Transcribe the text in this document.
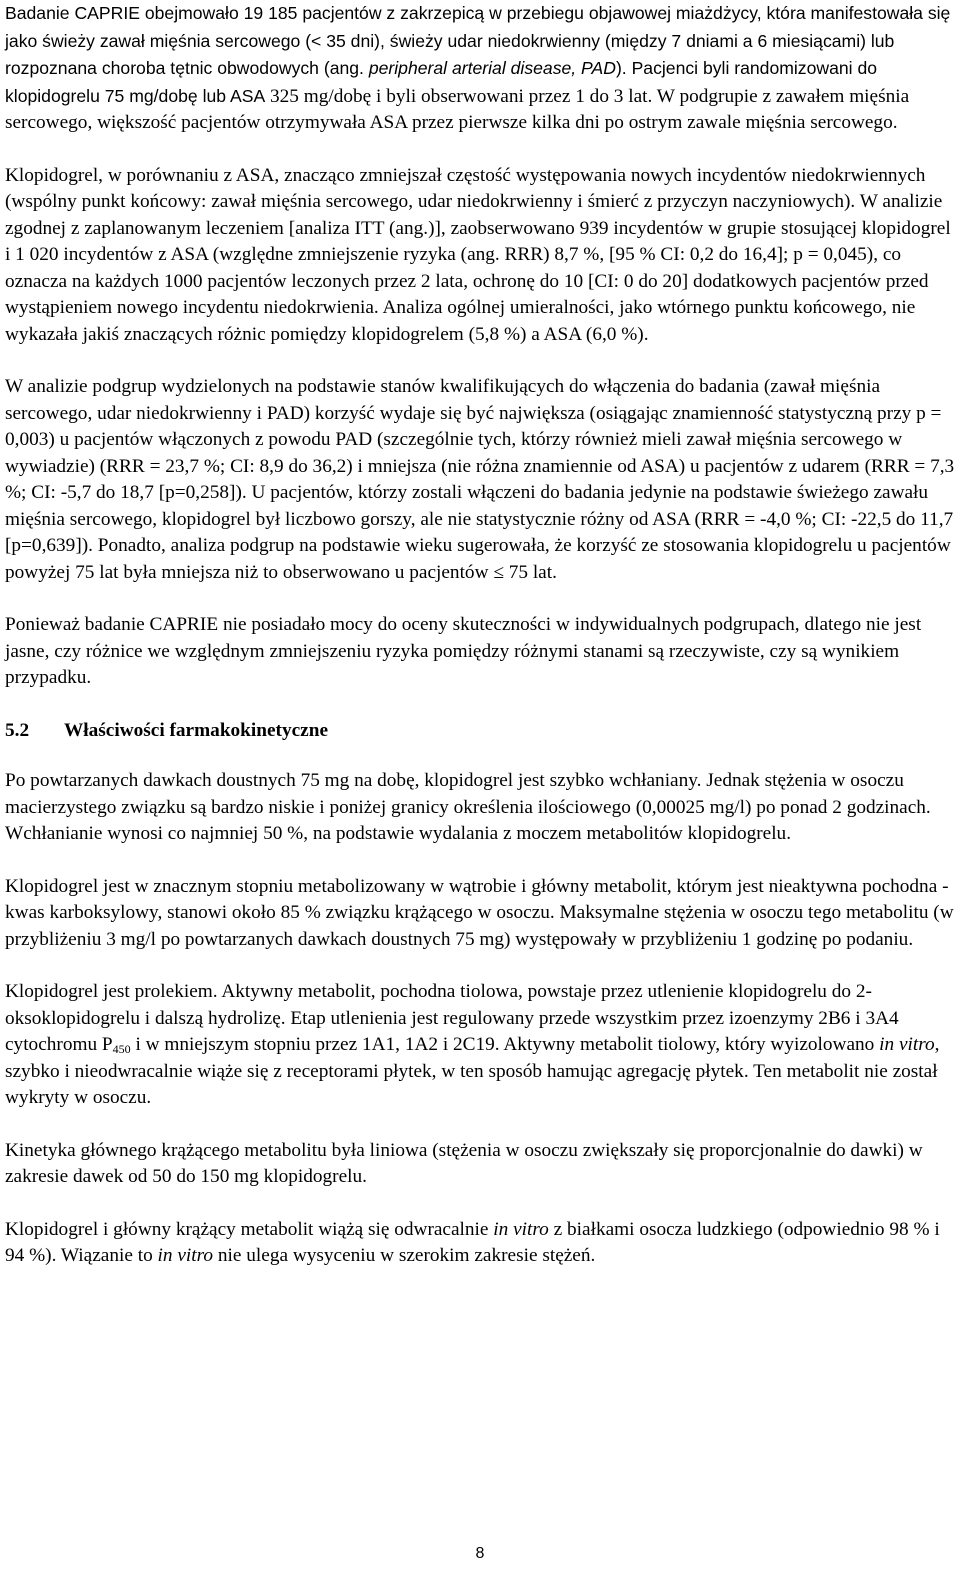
Badanie CAPRIE obejmowało 19 185 pacjentów z zakrzepicą w przebiegu objawowej miażdżycy, która manifestowała się jako świeży zawał mięśnia sercowego (< 35 dni), świeży udar niedokrwienny (między 7 dniami a 6 miesiącami) lub rozpoznana choroba tętnic obwodowych (ang. peripheral arterial disease, PAD). Pacjenci byli randomizowani do klopidogrelu 75 mg/dobę lub ASA 325 mg/dobę i byli obserwowani przez 1 do 3 lat. W podgrupie z zawałem mięśnia sercowego, większość pacjentów otrzymywała ASA przez pierwsze kilka dni po ostrym zawale mięśnia sercowego.

Klopidogrel, w porównaniu z ASA, znacząco zmniejszał częstość występowania nowych incydentów niedokrwiennych (wspólny punkt końcowy: zawał mięśnia sercowego, udar niedokrwienny i śmierć z przyczyn naczyniowych). W analizie zgodnej z zaplanowanym leczeniem [analiza ITT (ang.)], zaobserwowano 939 incydentów w grupie stosującej klopidogrel i 1 020 incydentów z ASA (względne zmniejszenie ryzyka (ang. RRR) 8,7 %, [95 % CI: 0,2 do 16,4]; p = 0,045), co oznacza na każdych 1000 pacjentów leczonych przez 2 lata, ochronę do 10 [CI: 0 do 20] dodatkowych pacjentów przed wystąpieniem nowego incydentu niedokrwienia. Analiza ogólnej umieralności, jako wtórnego punktu końcowego, nie wykazała jakiś znaczących różnic pomiędzy klopidogrelem (5,8 %) a ASA (6,0 %).

W analizie podgrup wydzielonych na podstawie stanów kwalifikujących do włączenia do badania (zawał mięśnia sercowego, udar niedokrwienny i PAD) korzyść wydaje się być największa (osiągając znamienność statystyczną przy p = 0,003) u pacjentów włączonych z powodu PAD (szczególnie tych, którzy również mieli zawał mięśnia sercowego w wywiadzie) (RRR = 23,7 %; CI: 8,9 do 36,2) i mniejsza (nie różna znamiennie od ASA) u pacjentów z udarem (RRR = 7,3 %; CI: -5,7 do 18,7 [p=0,258]). U pacjentów, którzy zostali włączeni do badania jedynie na podstawie świeżego zawału mięśnia sercowego, klopidogrel był liczbowo gorszy, ale nie statystycznie różny od ASA (RRR = -4,0 %; CI: -22,5 do 11,7 [p=0,639]). Ponadto, analiza podgrup na podstawie wieku sugerowała, że korzyść ze stosowania klopidogrelu u pacjentów powyżej 75 lat była mniejsza niż to obserwowano u pacjentów ≤ 75 lat.

Ponieważ badanie CAPRIE nie posiadało mocy do oceny skuteczności w indywidualnych podgrupach, dlatego nie jest jasne, czy różnice we względnym zmniejszeniu ryzyka pomiędzy różnymi stanami są rzeczywiste, czy są wynikiem przypadku.

5.2 Właściwości farmakokinetyczne

Po powtarzanych dawkach doustnych 75 mg na dobę, klopidogrel jest szybko wchłaniany. Jednak stężenia w osoczu macierzystego związku są bardzo niskie i poniżej granicy określenia ilościowego (0,00025 mg/l) po ponad 2 godzinach. Wchłanianie wynosi co najmniej 50 %, na podstawie wydalania z moczem metabolitów klopidogrelu.

Klopidogrel jest w znacznym stopniu metabolizowany w wątrobie i główny metabolit, którym jest nieaktywna pochodna - kwas karboksylowy, stanowi około 85 % związku krążącego w osoczu. Maksymalne stężenia w osoczu tego metabolitu (w przybliżeniu 3 mg/l po powtarzanych dawkach doustnych 75 mg) występowały w przybliżeniu 1 godzinę po podaniu.

Klopidogrel jest prolekiem. Aktywny metabolit, pochodna tiolowa, powstaje przez utlenienie klopidogrelu do 2-oksoklopidogrelu i dalszą hydrolizę. Etap utlenienia jest regulowany przede wszystkim przez izoenzymy 2B6 i 3A4 cytochromu $P_{450}$ i w mniejszym stopniu przez 1A1, 1A2 i 2C19. Aktywny metabolit tiolowy, który wyizolowano in vitro, szybko i nieodwracalnie wiąże się z receptorami płytek, w ten sposób hamując agregację płytek. Ten metabolit nie został wykryty w osoczu.

Kinetyka głównego krążącego metabolitu była liniowa (stężenia w osoczu zwiększały się proporcjonalnie do dawki) w zakresie dawek od 50 do 150 mg klopidogrelu.

Klopidogrel i główny krążący metabolit wiążą się odwracalnie in vitro z białkami osocza ludzkiego (odpowiednio 98 % i 94 %). Wiązanie to in vitro nie ulega wysyceniu w szerokim zakresie stężeń.

8
